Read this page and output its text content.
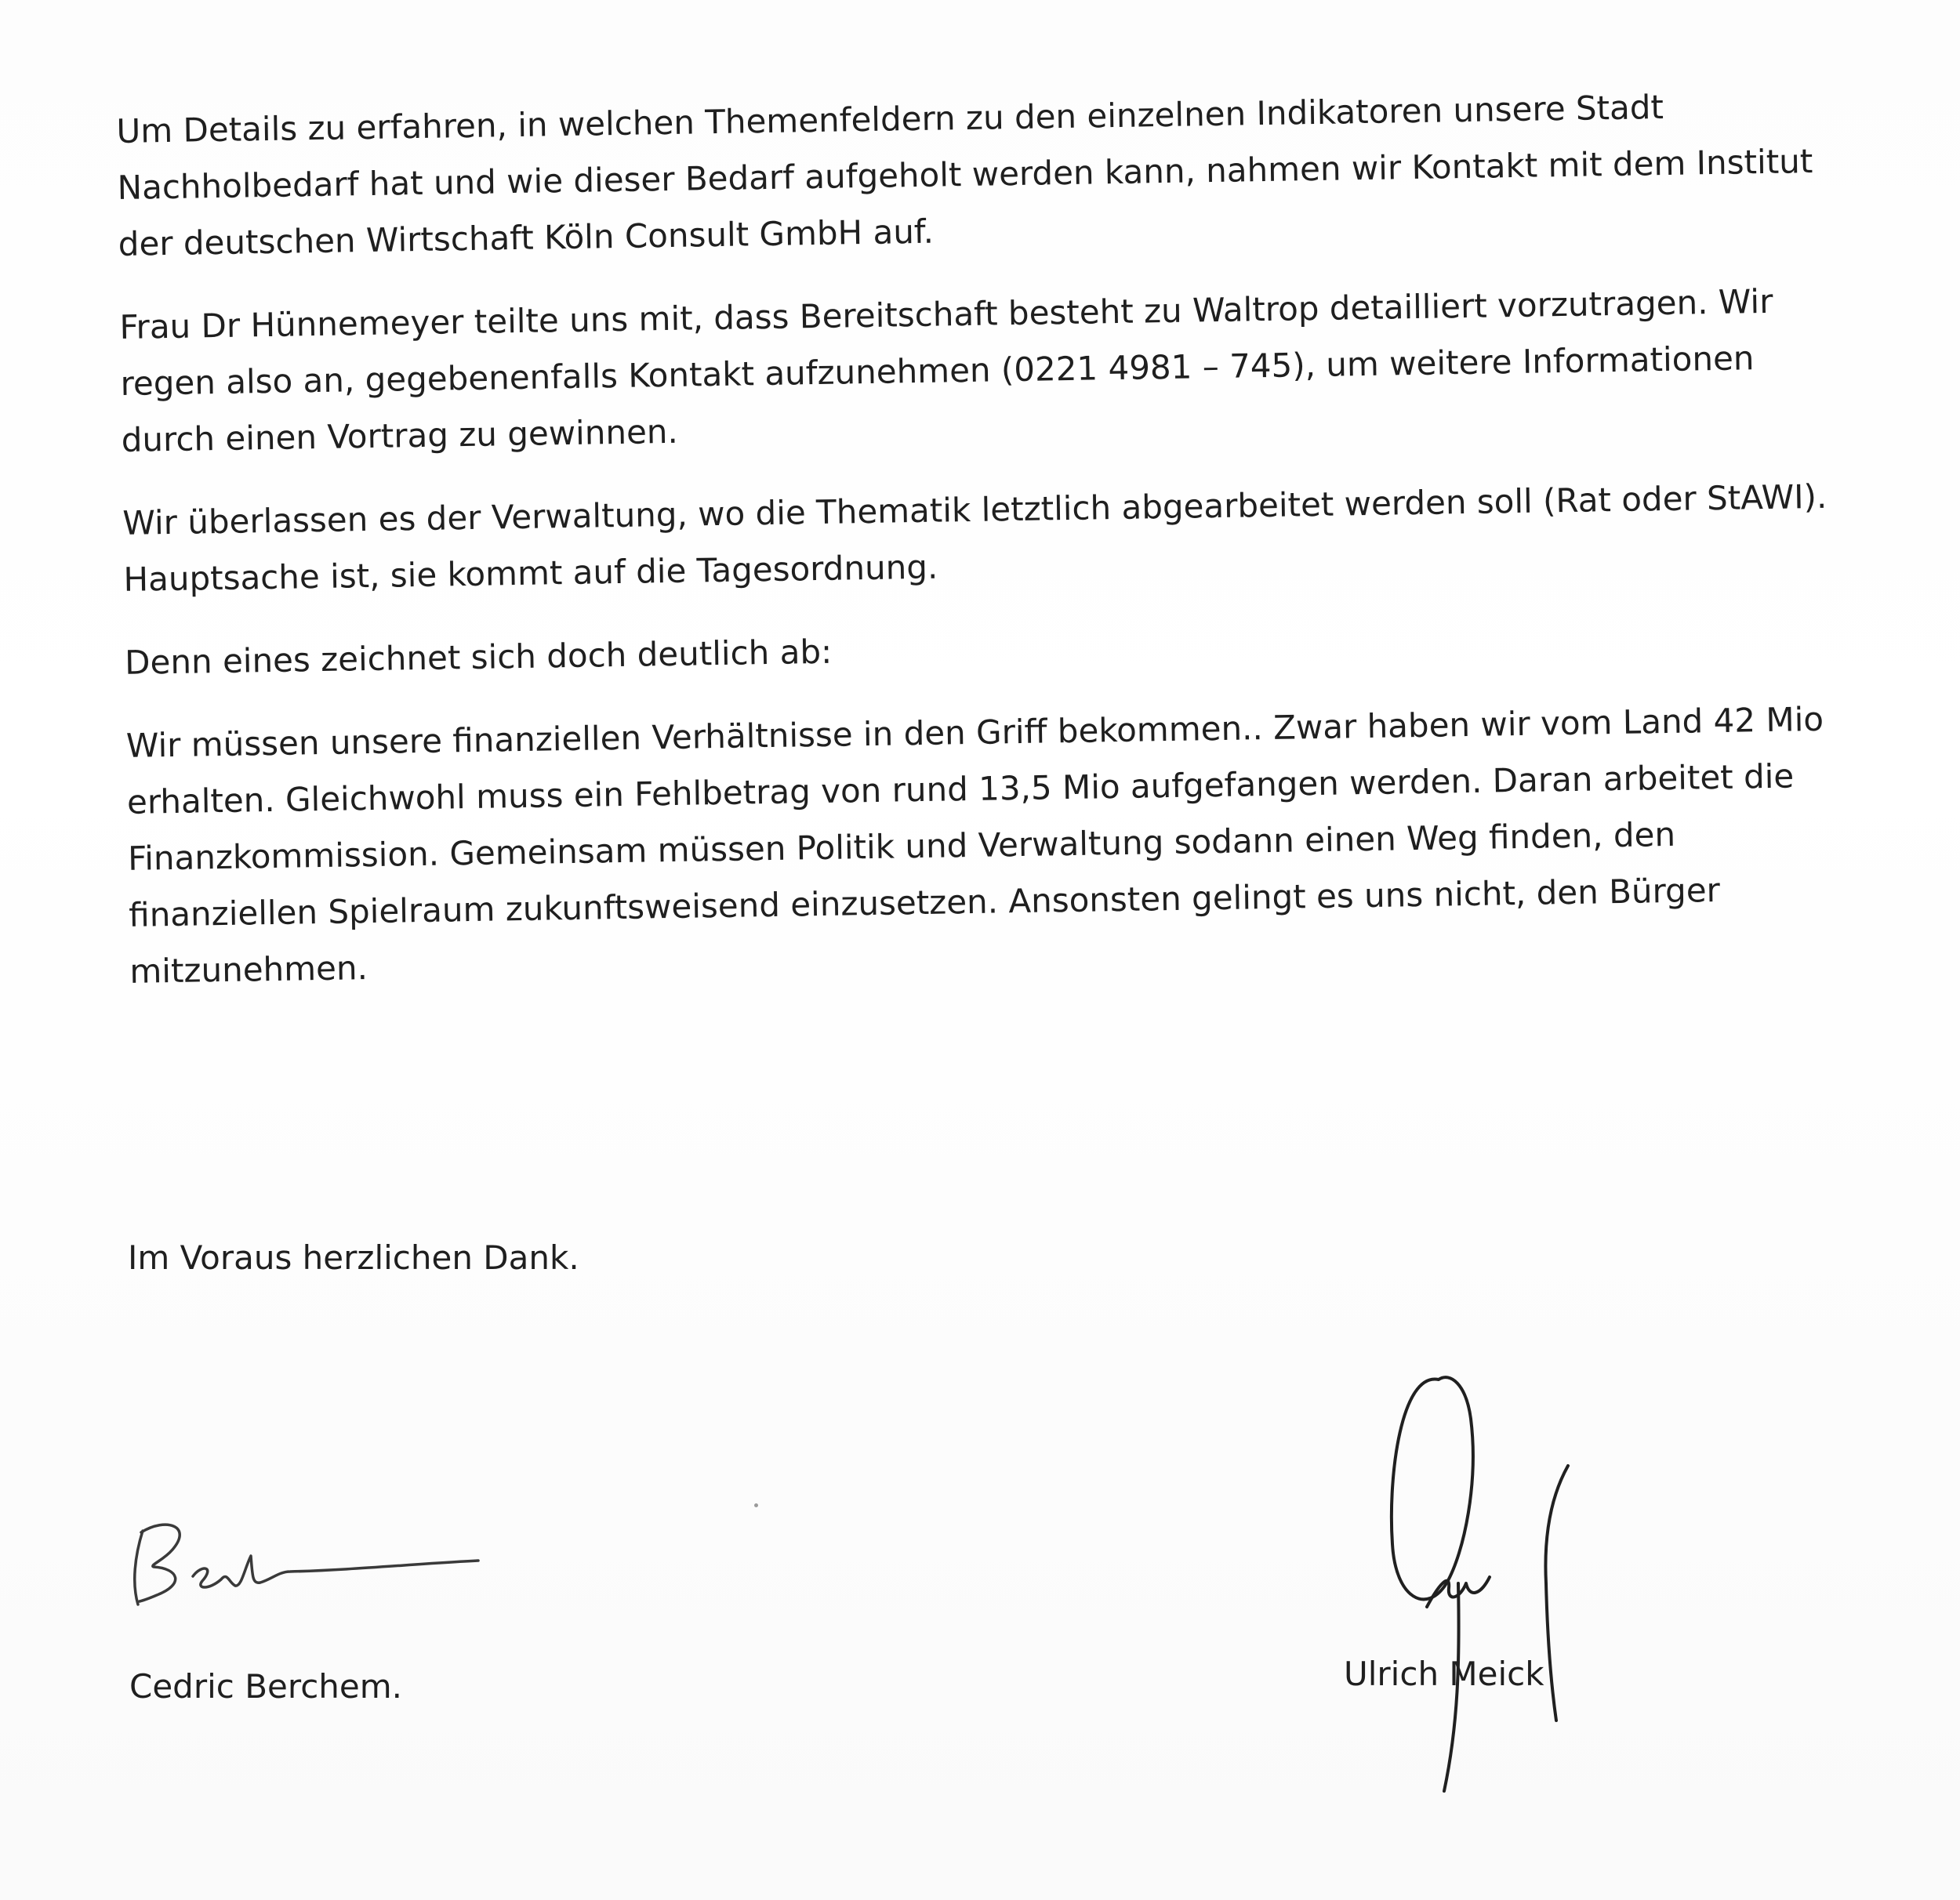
Um Details zu erfahren, in welchen Themenfeldern zu den einzelnen Indikatoren unsere Stadt Nachholbedarf hat und wie dieser Bedarf aufgeholt werden kann, nahmen wir Kontakt mit dem Institut der deutschen Wirtschaft Köln Consult GmbH auf.

Frau Dr Hünnemeyer teilte uns mit, dass Bereitschaft besteht zu Waltrop detailliert vorzutragen. Wir regen also an, gegebenenfalls Kontakt aufzunehmen (0221 4981 – 745), um weitere Informationen durch einen Vortrag zu gewinnen.

Wir überlassen es der Verwaltung, wo die Thematik letztlich abgearbeitet werden soll (Rat oder StAWI). Hauptsache ist, sie kommt auf die Tagesordnung.

Denn eines zeichnet sich doch deutlich ab:

Wir müssen unsere finanziellen Verhältnisse in den Griff bekommen.. Zwar haben wir vom Land 42 Mio erhalten. Gleichwohl muss ein Fehlbetrag von rund 13,5 Mio aufgefangen werden. Daran arbeitet die Finanzkommission. Gemeinsam müssen Politik und Verwaltung sodann einen Weg finden, den finanziellen Spielraum zukunftsweisend einzusetzen. Ansonsten gelingt es uns nicht, den Bürger mitzunehmen.

Im Voraus herzlichen Dank.

Cedric Berchem.	Ulrich Meick
